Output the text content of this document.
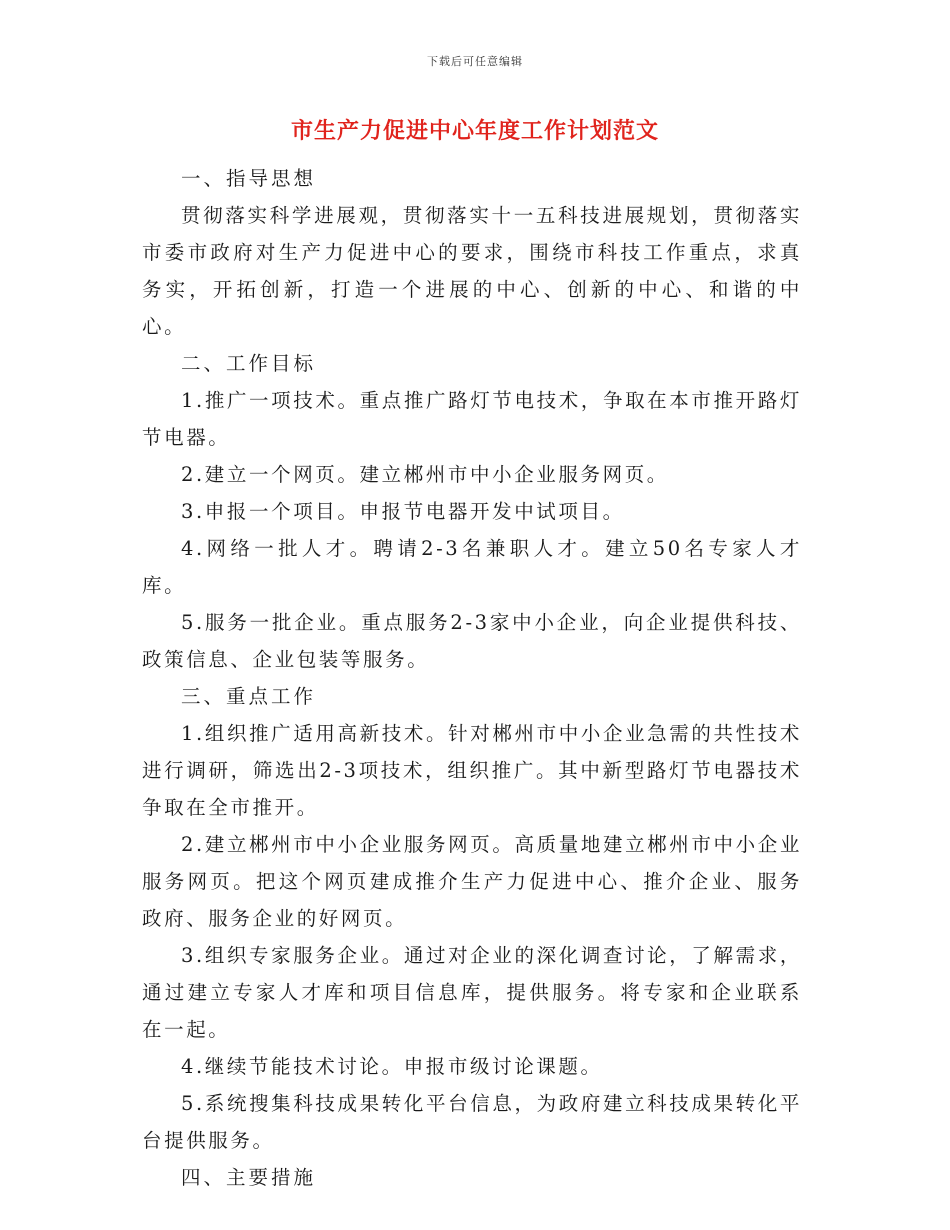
下载后可任意编辑
市生产力促进中心年度工作计划范文

一、指导思想

贯彻落实科学进展观，贯彻落实十一五科技进展规划，贯彻落实市委市政府对生产力促进中心的要求，围绕市科技工作重点，求真务实，开拓创新，打造一个进展的中心、创新的中心、和谐的中心。

二、工作目标

1.推广一项技术。重点推广路灯节电技术，争取在本市推开路灯节电器。

2.建立一个网页。建立郴州市中小企业服务网页。

3.申报一个项目。申报节电器开发中试项目。

4.网络一批人才。聘请2-3名兼职人才。建立50名专家人才库。

5.服务一批企业。重点服务2-3家中小企业，向企业提供科技、政策信息、企业包装等服务。

三、重点工作

1.组织推广适用高新技术。针对郴州市中小企业急需的共性技术进行调研，筛选出2-3项技术，组织推广。其中新型路灯节电器技术争取在全市推开。

2.建立郴州市中小企业服务网页。高质量地建立郴州市中小企业服务网页。把这个网页建成推介生产力促进中心、推介企业、服务政府、服务企业的好网页。

3.组织专家服务企业。通过对企业的深化调查讨论，了解需求，通过建立专家人才库和项目信息库，提供服务。将专家和企业联系在一起。

4.继续节能技术讨论。申报市级讨论课题。

5.系统搜集科技成果转化平台信息，为政府建立科技成果转化平台提供服务。

四、主要措施
